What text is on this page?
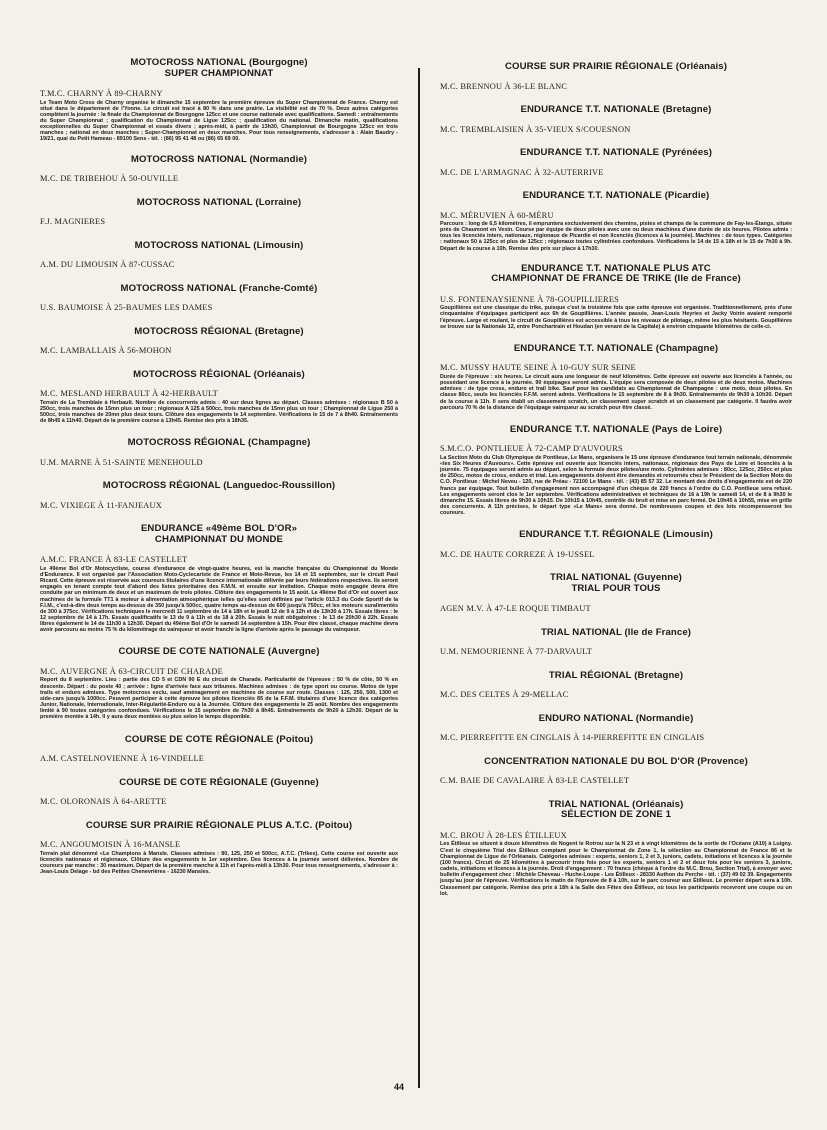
MOTOCROSS NATIONAL (Bourgogne)
SUPER CHAMPIONNAT
T.M.C. CHARNY À 89-CHARNY

Le Team Moto Cross de Charny organise le dimanche 15 septembre la première épreuve du Super Championnat de France. Charny est situé dans le département de l'Yonne. Le circuit est tracé à 80 % dans une prairie. La visibilité est de 70 %. Deux autres catégories complètent la journée : la finale du Championnat de Bourgogne 125cc et une course nationale avec qualifications. Samedi : entraînements du Super Championnat ; qualification du Championnat de Ligue 125cc ; qualification du national. Dimanche matin, qualifications exceptionnelles du Super Championnat et essais divers ; après-midi, à partir de 13h30, Championnat de Bourgogne 125cc en trois manches ; national en deux manches ; Super-Championnat en deux manches. Pour tous renseignements, s'adresser à : Alain Baudry - 19/21, quai du Petit Hameau - 89100 Sens - tél. : (86) 95 41 48 ou (86) 65 69 00.

MOTOCROSS NATIONAL (Normandie)
M.C. DE TRIBEHOU À 50-OUVILLE
MOTOCROSS NATIONAL (Lorraine)
F.J. MAGNIERES
MOTOCROSS NATIONAL (Limousin)
A.M. DU LIMOUSIN À 87-CUSSAC
MOTOCROSS NATIONAL (Franche-Comté)
U.S. BAUMOISE À 25-BAUMES LES DAMES
MOTOCROSS RÉGIONAL (Bretagne)
M.C. LAMBALLAIS À 56-MOHON
MOTOCROSS RÉGIONAL (Orléanais)
M.C. MESLAND HERBAULT À 42-HERBAULT

Terrain de La Tremblaie à Herbault. Nombre de concurrents admis : 40 sur deux lignes au départ. Classes admises : régionaux B 50 à 250cc, trois manches de 15mn plus un tour ; régionaux A 125 à 500cc, trois manches de 15mn plus un tour ; Championnat de Ligue 250 à 500cc, trois manches de 20mn plus deux tours. Clôture des engagements le 14 septembre. Vérifications le 15 de 7 à 8h40. Entraînements de 8h45 à 11h40. Départ de la première course à 13h45. Remise des prix à 18h35.

MOTOCROSS RÉGIONAL (Champagne)
U.M. MARNE À 51-SAINTE MENEHOULD
MOTOCROSS RÉGIONAL (Languedoc-Roussillon)
M.C. VIXIEGE À 11-FANJEAUX
ENDURANCE «49ème BOL D'OR»
CHAMPIONNAT DU MONDE
A.M.C. FRANCE À 83-LE CASTELLET

Le 49ème Bol d'Or Motocycliste, course d'endurance de vingt-quatre heures, est la manche française du Championnat du Monde d'Endurance. Il est organisé par l'Association Moto-Cyclecariste de France et Moto-Revue, les 14 et 15 septembre, sur le circuit Paul Ricard. Cette épreuve est réservée aux coureurs titulaires d'une licence internationale délivrée par leurs fédérations respectives. Ils seront engagés en tenant compte tout d'abord des listes prioritaires des F.M.N. et ensuite sur invitation. Chaque moto engagée devra être conduite par un minimum de deux et un maximum de trois pilotes. Clôture des engagements le 15 août. Le 49ème Bol d'Or est ouvert aux machines de la formule TT1 à moteur à alimentation atmosphérique telles qu'elles sont définies par l'article 013.3 du Code Sportif de la F.I.M., c'est-à-dire deux temps au-dessus de 350 jusqu'à 500cc, quatre temps au-dessus de 600 jusqu'à 750cc, et les moteurs suralimentés de 300 à 375cc. Vérifications techniques le mercredi 11 septembre de 14 à 18h et le jeudi 12 de 9 à 12h et de 13h30 à 17h. Essais libres : le 12 septembre de 14 à 17h. Essais qualificatifs le 13 de 9 à 11h et de 18 à 20h. Essais le nuit obligatoires : le 13 de 20h30 à 22h. Essais libres également le 14 de 11h30 à 12h30. Départ du 49ème Bol d'Or le samedi 14 septembre à 15h. Pour être classé, chaque machine devra avoir parcouru au moins 75 % du kilométrage du vainqueur et avoir franchi la ligne d'arrivée après le passage du vainqueur.

COURSE DE COTE NATIONALE (Auvergne)
M.C. AUVERGNE À 63-CIRCUIT DE CHARADE

Report du 8 septembre. Lieu : partie des CD 5 et CDN 90 E du circuit de Charade. Particularité de l'épreuve : 50 % de côte, 50 % en descente. Départ : du poste 40 ; arrivée : ligne d'arrivée face aux tribunes. Machines admises : de type sport ou course. Motos de type trails et enduro admises. Type motocross exclu, sauf aménagement en machines de course sur route. Classes : 125, 250, 500, 1300 et side-cars jusqu'à 1000cc. Peuvent participer à cette épreuve les pilotes licenciés 85 de la F.F.M. titulaires d'une licence des catégories Junior, Nationale, Internationale, Inter-Régularité-Enduro ou à la Journée. Clôture des engagements le 25 août. Nombre des engagements limité à 90 toutes catégories confondues. Vérifications le 15 septembre de 7h30 à 8h45. Entraînements de 9h20 à 12h30. Départ de la première montée à 14h. Il y aura deux montées ou plus selon le temps disponible.

COURSE DE COTE RÉGIONALE (Poitou)
A.M. CASTELNOVIENNE À 16-VINDELLE
COURSE DE COTE RÉGIONALE (Guyenne)
M.C. OLORONAIS À 64-ARETTE
COURSE SUR PRAIRIE RÉGIONALE PLUS A.T.C. (Poitou)
M.C. ANGOUMOISIN À 16-MANSLE

Terrain plat dénommé «Le Champions à Mansle. Classes admises : 80, 125, 250 et 500cc, A.T.C. (Trikes). Cette course est ouverte aux licenciés nationaux et régionaux. Clôture des engagements le 1er septembre. Des licences à la journée seront délivrées. Nombre de coureurs par manche : 30 maximum. Départ de la première manche à 11h et l'après-midi à 13h30. Pour tous renseignements, s'adresser à : Jean-Louis Delage - bd des Petites Chenevrières - 16230 Mansles.

COURSE SUR PRAIRIE RÉGIONALE (Orléanais)
M.C. BRENNOU À 36-LE BLANC
ENDURANCE T.T. NATIONALE (Bretagne)
M.C. TREMBLAISIEN À 35-VIEUX S/COUESNON
ENDURANCE T.T. NATIONALE (Pyrénées)
M.C. DE L'ARMAGNAC À 32-AUTERRIVE
ENDURANCE T.T. NATIONALE (Picardie)
M.C. MÉRUVIEN À 60-MÉRU

Parcours : long de 6,5 kilomètres, il empruntera exclusivement des chemins, pistes et champs de la commune de Fay-les-Étangs, située près de Chaumont en Vexin. Course par équipe de deux pilotes avec une ou deux machines d'une durée de six heures. Pilotes admis : tous les licenciés inters, nationaux, régionaux de Picardie et non licenciés (licences à la journée). Machines : de tous types. Catégories : nationaux 50 à 125cc et plus de 125cc ; régionaux toutes cylindrées confondues. Vérifications le 14 de 15 à 18h et le 15 de 7h30 à 9h. Départ de la course à 10h. Remise des prix sur place à 17h30.

ENDURANCE T.T. NATIONALE PLUS ATC
CHAMPIONNAT DE FRANCE DE TRIKE (Ile de France)
U.S. FONTENAYSIENNE À 78-GOUPILLIERES

Goupillières est une classique du trike, puisque c'est la troisième fois que cette épreuve est organisée. Traditionnellement, près d'une cinquantaine d'équipages participent aux 6h de Goupillières. L'année passée, Jean-Louis Heyries et Jacky Voirin avaient remporté l'épreuve. Large et roulant, le circuit de Goupillières est accessible à tous les niveaux de pilotage, même les plus hésitants. Goupillières se trouve sur la Nationale 12, entre Ponchartrain et Houdan (en venant de la Capitale) à environ cinquante kilomètres de celle-ci.

ENDURANCE T.T. NATIONALE (Champagne)
M.C. MUSSY HAUTE SEINE À 10-GUY SUR SEINE

Durée de l'épreuve : six heures. Le circuit aura une longueur de neuf kilomètres. Cette épreuve est ouverte aux licenciés à l'année, ou possédant une licence à la journée. 90 équipages seront admis. L'équipe sera composée de deux pilotes et de deux motos. Machines admises : de type cross, enduro et trail bike. Sauf pour les candidats au Championnat de Champagne : une moto, deux pilotes. En classe 80cc, seuls les licenciés F.F.M. seront admis. Vérifications le 15 septembre de 8 à 9h30. Entraînements de 9h30 à 10h30. Départ de la course à 11h. Il sera établi un classement scratch, un classement super scratch et un classement par catégorie. Il faudra avoir parcouru 70 % de la distance de l'équipage vainqueur au scratch pour être classé.

ENDURANCE T.T. NATIONALE (Pays de Loire)
S.M.C.O. PONTLIEUE À 72-CAMP D'AUVOURS

La Section Moto du Club Olympique de Pontlieue, Le Mans, organisera le 15 une épreuve d'endurance tout terrain nationale, dénommée «les Six Heures d'Auvours». Cette épreuve est ouverte aux licenciés inters, nationaux, régionaux des Pays de Loire et licenciés à la journée. 75 équipages seront admis au départ, selon la formule deux pilotes/une moto. Cylindrées admises : 80cc, 125cc, 250cc et plus de 250cc, motos de cross, enduro et trial. Les engagements doivent être demandés et retournés chez le Président de la Section Moto du C.O. Pontlieue : Michel Neveu - 120, rue de Préau - 72100 Le Mans - tél. : (43) 85 57 32. Le montant des droits d'engagements est de 220 francs par équipage. Tout bulletin d'engagement non accompagné d'un chèque de 220 francs à l'ordre du C.O. Pontlieue sera refusé. Les engagements seront clos le 1er septembre. Vérifications administratives et techniques de 16 à 19h le samedi 14, et de 8 à 9h30 le dimanche 15. Essais libres de 9h30 à 10h15. De 10h15 à 10h45, contrôle du bruit et mise en parc fermé. De 10h45 à 10h55, mise en grille des concurrents. A 11h précises, le départ type «Le Mans» sera donné. De nombreuses coupes et des lots récompenseront les coureurs.

ENDURANCE T.T. RÉGIONALE (Limousin)
M.C. DE HAUTE CORREZE À 19-USSEL
TRIAL NATIONAL (Guyenne)
TRIAL POUR TOUS
AGEN M.V. À 47-LE ROQUE TIMBAUT
TRIAL NATIONAL (Ile de France)
U.M. NEMOURIENNE À 77-DARVAULT
TRIAL RÉGIONAL (Bretagne)
M.C. DES CELTES À 29-MELLAC
ENDURO NATIONAL (Normandie)
M.C. PIERREFITTE EN CINGLAIS À 14-PIERREFITTE EN CINGLAIS
CONCENTRATION NATIONALE DU BOL D'OR (Provence)
C.M. BAIE DE CAVALAIRE À 83-LE CASTELLET
TRIAL NATIONAL (Orléanais)
SÉLECTION DE ZONE 1
M.C. BROU À 28-LES ÉTILLEUX

Les Étilleux se situent à douze kilomètres de Nogent le Rotrou sur la N 23 et à vingt kilomètres de la sortie de l'Océane (A10) à Luigny. C'est le cinquième Trial des Étilleux comptant pour le Championnat de Zone 1, la sélection au Championnat de France 86 et le Championnat de Ligue de l'Orléanais. Catégories admises : experts, seniors 1, 2 et 3, juniors, cadets, initiations et licences à la journée (100 francs). Circuit de 25 kilomètres à parcourir trois fois pour les experts, seniors 1 et 2 et deux fois pour les seniors 3, juniors, cadets, initiations et licences à la journée. Droit d'engagement : 70 francs (chèque à l'ordre du M.C. Brou, Section Trial), à envoyer avec bulletin d'engagement chez : Michèle Cheveau - Huche-Loupe - Les Étilleux - 28330 Authon du Perche - tél. : (37) 49 02 39. Engagements jusqu'au jour de l'épreuve. Vérifications le matin de l'épreuve de 8 à 10h, sur le parc coureur aux Étilleux. Le premier départ sera à 10h. Classement par catégorie. Remise des prix à 18h à la Salle des Fêtes des Étilleux, où tous les participants recevront une coupe ou un lot.

44
